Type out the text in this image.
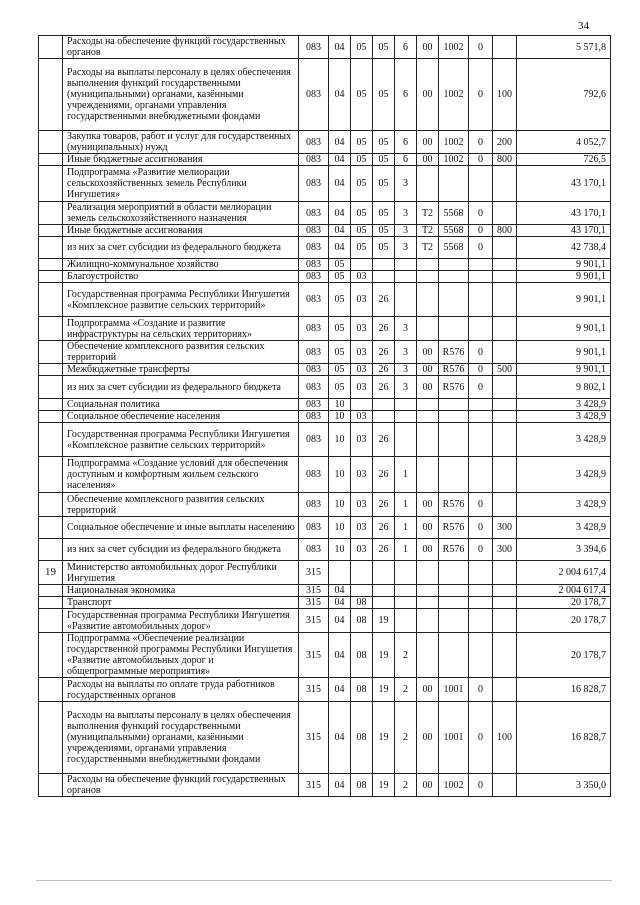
34
	Расходы на обеспечение функций государственных органов	083	04	05	05	6	00	1002	0		5 571,8
	Расходы на выплаты персоналу в целях обеспечения выполнения функций государственными (муниципальными) органами, казёнными учреждениями, органами управления государственными внебюджетными фондами	083	04	05	05	6	00	1002	0	100	792,6
	Закупка товаров, работ и услуг для государственных (муниципальных) нужд	083	04	05	05	6	00	1002	0	200	4 052,7
	Иные бюджетные ассигнования	083	04	05	05	6	00	1002	0	800	726,5
	Подпрограмма «Развитие мелиорации сельскохозяйственных земель Республики Ингушетия»	083	04	05	05	3					43 170,1
	Реализация мероприятий в области мелиорации земель сельскохозяйственного назначения	083	04	05	05	3	T2	5568	0		43 170,1
	Иные бюджетные ассигнования	083	04	05	05	3	T2	5568	0	800	43 170,1
	из них за счет субсидии из федерального бюджета	083	04	05	05	3	T2	5568	0		42 738,4
	Жилищно-коммунальное хозяйство	083	05								9 901,1
	Благоустройство	083	05	03							9 901,1
	Государственная программа Республики Ингушетия «Комплексное развитие сельских территорий»	083	05	03	26						9 901,1
	Подпрограмма «Создание и развитие инфраструктуры на сельских территориях»	083	05	03	26	3					9 901,1
	Обеспечение комплексного развития сельских территорий	083	05	03	26	3	00	R576	0		9 901,1
	Межбюджетные трансферты	083	05	03	26	3	00	R576	0	500	9 901,1
	из них за счет субсидии из федерального бюджета	083	05	03	26	3	00	R576	0		9 802,1
	Социальная политика	083	10								3 428,9
	Социальное обеспечение населения	083	10	03							3 428,9
	Государственная программа Республики Ингушетия «Комплексное развитие сельских территорий»	083	10	03	26						3 428,9
	Подпрограмма «Создание условий для обеспечения доступным и комфортным жильем сельского населения»	083	10	03	26	1					3 428,9
	Обеспечение комплексного развития сельских территорий	083	10	03	26	1	00	R576	0		3 428,9
	Социальное обеспечение и иные выплаты населению	083	10	03	26	1	00	R576	0	300	3 428,9
	из них за счет субсидии из федерального бюджета	083	10	03	26	1	00	R576	0	300	3 394,6
19	Министерство автомобильных дорог Республики Ингушетия	315									2 004 617,4
	Национальная экономика	315	04								2 004 617,4
	Транспорт	315	04	08							20 178,7
	Государственная программа Республики Ингушетия «Развитие автомобильных дорог»	315	04	08	19						20 178,7
	Подпрограмма «Обеспечение реализации государственной программы Республики Ингушетия «Развитие автомобильных дорог и общепрограммные мероприятия»	315	04	08	19	2					20 178,7
	Расходы на выплаты по оплате труда работников государственных органов	315	04	08	19	2	00	1001	0		16 828,7
	Расходы на выплаты персоналу в целях обеспечения выполнения функций государственными (муниципальными) органами, казёнными учреждениями, органами управления государственными внебюджетными фондами	315	04	08	19	2	00	1001	0	100	16 828,7
	Расходы на обеспечение функций государственных органов	315	04	08	19	2	00	1002	0		3 350,0
